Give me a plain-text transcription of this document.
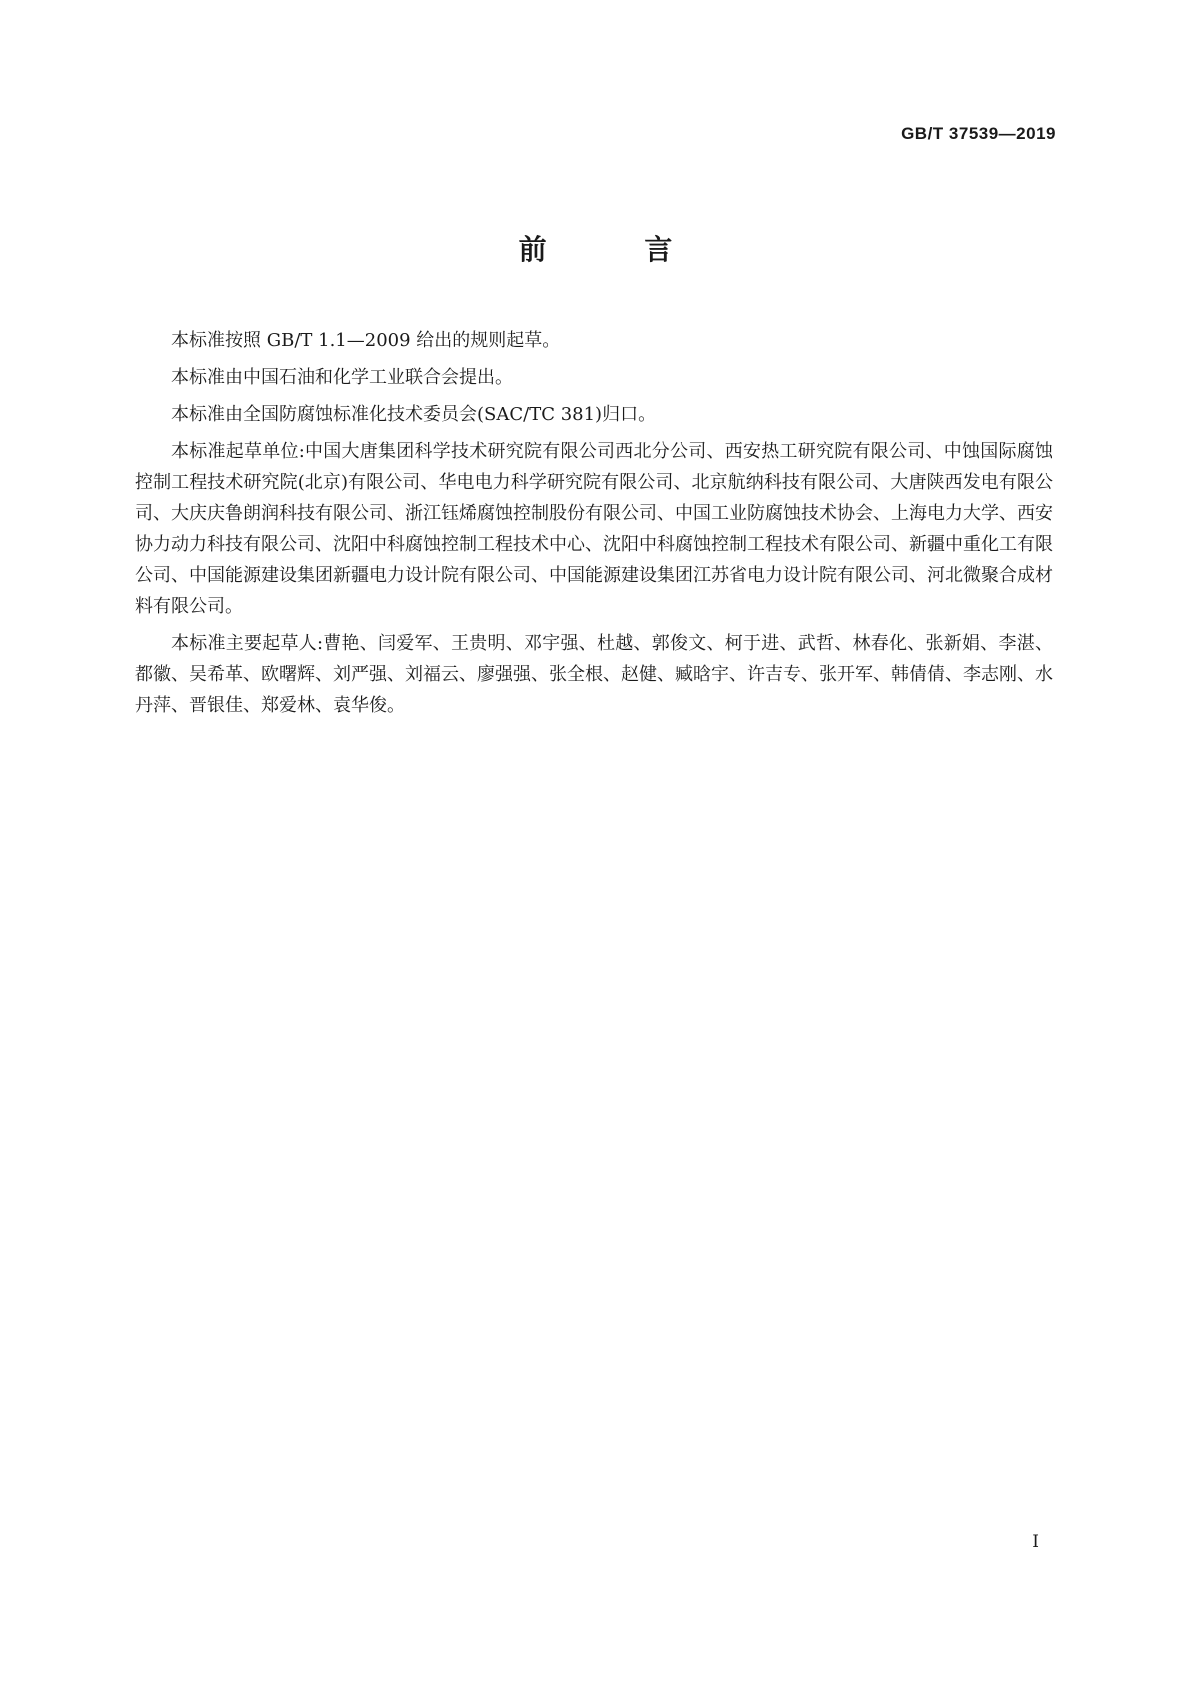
GB/T 37539—2019
前 言

本标准按照 GB/T 1.1—2009 给出的规则起草。

本标准由中国石油和化学工业联合会提出。

本标准由全国防腐蚀标准化技术委员会(SAC/TC 381)归口。

本标准起草单位:中国大唐集团科学技术研究院有限公司西北分公司、西安热工研究院有限公司、中蚀国际腐蚀控制工程技术研究院(北京)有限公司、华电电力科学研究院有限公司、北京航纳科技有限公司、大唐陕西发电有限公司、大庆庆鲁朗润科技有限公司、浙江钰烯腐蚀控制股份有限公司、中国工业防腐蚀技术协会、上海电力大学、西安协力动力科技有限公司、沈阳中科腐蚀控制工程技术中心、沈阳中科腐蚀控制工程技术有限公司、新疆中重化工有限公司、中国能源建设集团新疆电力设计院有限公司、中国能源建设集团江苏省电力设计院有限公司、河北微聚合成材料有限公司。

本标准主要起草人:曹艳、闫爱军、王贵明、邓宇强、杜越、郭俊文、柯于进、武哲、林春化、张新娟、李湛、都徽、吴希革、欧曙辉、刘严强、刘福云、廖强强、张全根、赵健、臧晗宇、许吉专、张开军、韩倩倩、李志刚、水丹萍、晋银佳、郑爱林、袁华俊。

I
